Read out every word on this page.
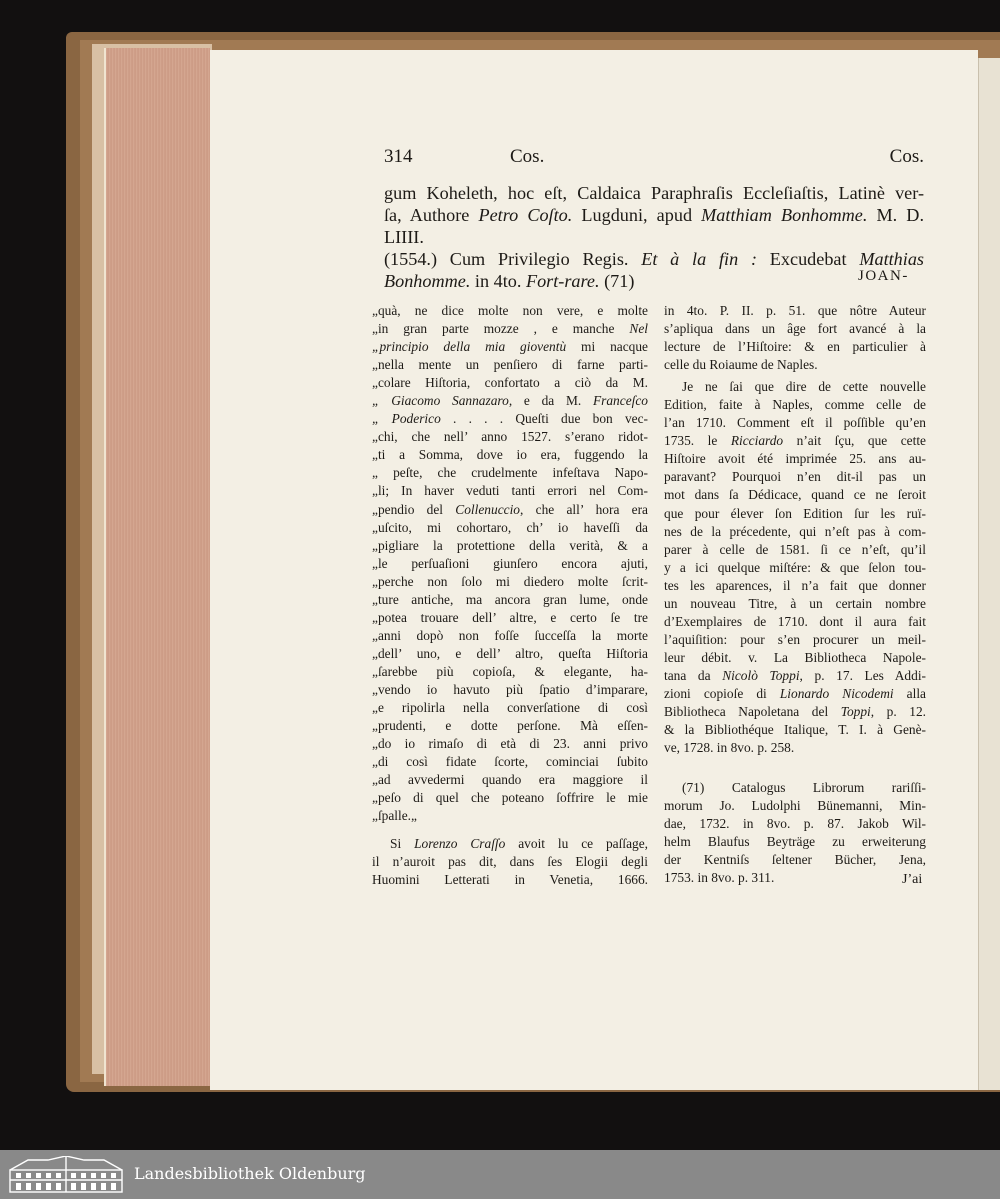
314	Cos.	Cos.
gum Koheleth, hoc eſt, Caldaica Paraphraſis Eccleſiaſtis, Latinè ver-
ſa, Authore Petro Coſto. Lugduni, apud Matthiam Bonhomme. M. D. LIIII.
(1554.) Cum Privilegio Regis. Et à la fin : Excudebat Matthias
Bonhomme. in 4to. Fort-rare. (71)	JOAN-
„quà, ne dice molte non vere, e molte
„in gran parte mozze , e manche Nel
„principio della mia gioventù mi nacque
„nella mente un penſiero di farne parti-
„colare Hiſtoria, confortato a ciò da M.
„ Giacomo Sannazaro, e da M. Franceſco
„ Poderico . . . . Queſti due bon vec-
„chi, che nell’ anno 1527. s’erano ridot-
„ti a Somma, dove io era, fuggendo la
„ peſte, che crudelmente infeſtava Napo-
„li; In haver veduti tanti errori nel Com-
„pendio del Collenuccio, che all’ hora era
„uſcito, mi cohortaro, ch’ io haveſſi da
„pigliare la protettione della verità, & a
„le perſuaſioni giunſero encora ajuti,
„perche non ſolo mi diedero molte ſcrit-
„ture antiche, ma ancora gran lume, onde
„potea trouare dell’ altre, e certo ſe tre
„anni dopò non foſſe ſucceſſa la morte
„dell’ uno, e dell’ altro, queſta Hiſtoria
„ſarebbe più copioſa, & elegante, ha-
„vendo io havuto più ſpatio d’imparare,
„e ripolirla nella converſatione di così
„prudenti, e dotte perſone. Mà eſſen-
„do io rimaſo di età di 23. anni privo
„di così fidate ſcorte, cominciai ſubito
„ad avvedermi quando era maggiore il
„peſo di quel che poteano ſoffrire le mie
„ſpalle.„
Si Lorenzo Craſſo avoit lu ce paſſage,
il n’auroit pas dit, dans ſes Elogii degli
Huomini Letterati in Venetia, 1666.
in 4to. P. II. p. 51. que nôtre Auteur
s’apliqua dans un âge fort avancé à la
lecture de l’Hiſtoire: & en particulier à
celle du Roiaume de Naples.
Je ne ſai que dire de cette nouvelle
Edition, faite à Naples, comme celle de
l’an 1710. Comment eſt il poſſible qu’en
1735. le Ricciardo n’ait ſçu, que cette
Hiſtoire avoit été imprimée 25. ans au-
paravant? Pourquoi n’en dit-il pas un
mot dans ſa Dédicace, quand ce ne ſeroit
que pour élever ſon Edition ſur les ruï-
nes de la précedente, qui n’eſt pas à com-
parer à celle de 1581. ſi ce n’eſt, qu’il
y a ici quelque miſtére: & que ſelon tou-
tes les aparences, il n’a fait que donner
un nouveau Titre, à un certain nombre
d’Exemplaires de 1710. dont il aura fait
l’aquiſition: pour s’en procurer un meil-
leur débit. v. La Bibliotheca Napole-
tana da Nicolò Toppi, p. 17. Les Addi-
zioni copioſe di Lionardo Nicodemi alla
Bibliotheca Napoletana del Toppi, p. 12.
& la Bibliothéque Italique, T. I. à Genè-
ve, 1728. in 8vo. p. 258.
(71) Catalogus Librorum rariſſi-
morum Jo. Ludolphi Bünemanni, Min-
dae, 1732. in 8vo. p. 87. Jakob Wil-
helm Blaufus Beyträge zu erweiterung
der Kentniſs ſeltener Bücher, Jena,
1753. in 8vo. p. 311.	J’ai
Landesbibliothek Oldenburg
